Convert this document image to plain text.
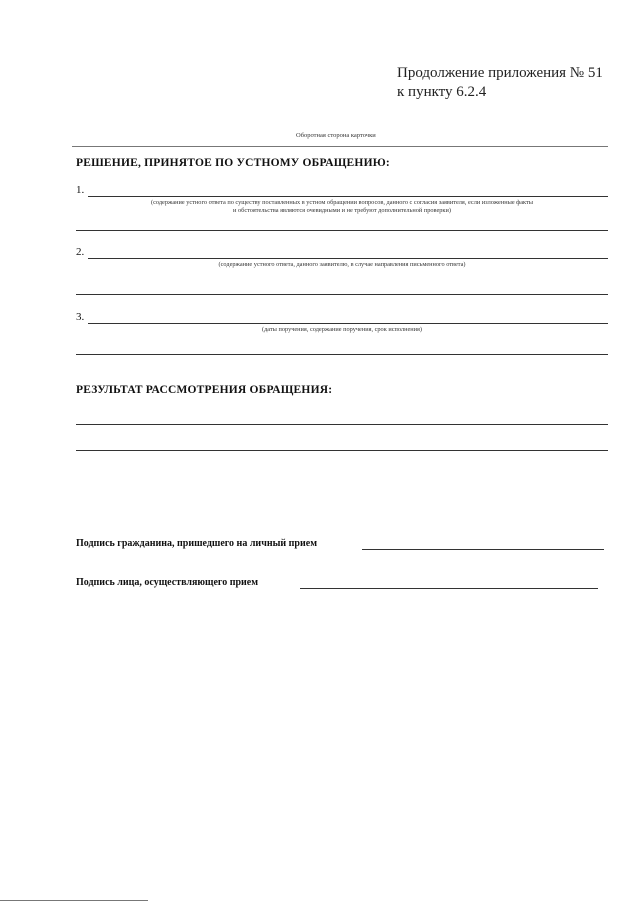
Продолжение приложения № 51
к пункту 6.2.4
Оборотная сторона карточки
РЕШЕНИЕ, ПРИНЯТОЕ ПО УСТНОМУ ОБРАЩЕНИЮ:
1.
(содержание устного ответа по существу поставленных в устном обращении вопросов, данного с согласия заявителя, если изложенные факты
и обстоятельства являются очевидными и не требуют дополнительной проверки)
2.
(содержание устного ответа, данного заявителю, в случае направления письменного ответа)
3.
(даты поручения, содержание поручения, срок исполнения)
РЕЗУЛЬТАТ РАССМОТРЕНИЯ ОБРАЩЕНИЯ:
Подпись гражданина, пришедшего на личный прием
Подпись лица, осуществляющего прием
